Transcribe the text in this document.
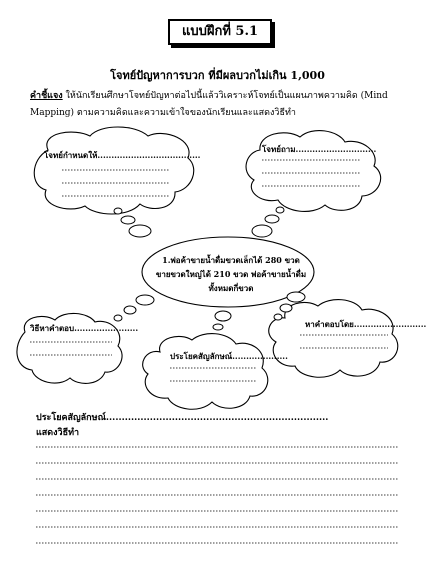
แบบฝึกที่ 5.1
โจทย์ปัญหาการบวก ที่มีผลบวกไม่เกิน 1,000
คำชี้แจง ให้นักเรียนศึกษาโจทย์ปัญหาต่อไปนี้แล้ววิเคราะห์โจทย์เป็นแผนภาพความคิด (Mind Mapping) ตามความคิดและความเข้าใจของนักเรียนและแสดงวิธีทำ
โจทย์กำหนดให้.....................................
โจทย์ถาม.............................
วิธีหาคำตอบ.......................	หาคำตอบโดย..........................
ประโยคสัญลักษณ์....................
1.พ่อค้าขายน้ำดื่มขวดเล็กได้ 280 ขวด
ขายขวดใหญ่ได้ 210 ขวด พ่อค้าขายน้ำดื่ม
ทั้งหมดกี่ขวด
ประโยคสัญลักษณ์.......................................................................
แสดงวิธีทำ
